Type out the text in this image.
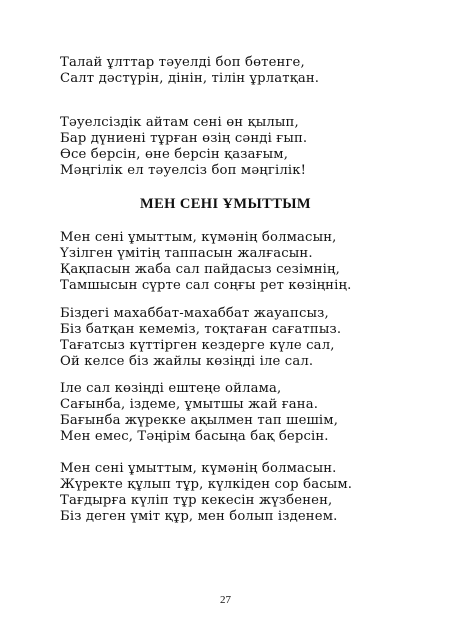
Талай ұлттар тәуелді боп бөтенге,
Салт дәстүрін, дінін, тілін ұрлатқан.
Тәуелсіздік айтам сені өн қылып,
Бар дүниені тұрған өзің сәнді ғып.
Өсе берсін, өне берсін қазағым,
Мәңгілік ел тәуелсіз боп мәңгілік!
МЕН СЕНІ ҰМЫТТЫМ
Мен сені ұмыттым, күмәнің болмасын,
Үзілген үмітің таппасын жалғасын.
Қақпасын жаба сал пайдасыз сезімнің,
Тамшысын сүрте сал соңғы рет көзіңнің.
Біздегі махаббат-махаббат жауапсыз,
Біз батқан кемеміз, тоқтаған сағатпыз.
Тағатсыз күттірген кездерге күле сал,
Ой келсе біз жайлы көзіңді іле сал.
Іле сал көзіңді ештеңе ойлама,
Сағынба, іздеме, ұмытшы жай ғана.
Бағынба жүрекке ақылмен тап шешім,
Мен емес, Тәңірім басыңа бақ берсін.
Мен сені ұмыттым, күмәнің болмасын.
Жүректе құлып тұр, күлкіден сор басым.
Тағдырға күліп тұр кекесін жүзбенен,
Біз деген үміт құр, мен болып ізденем.
27
